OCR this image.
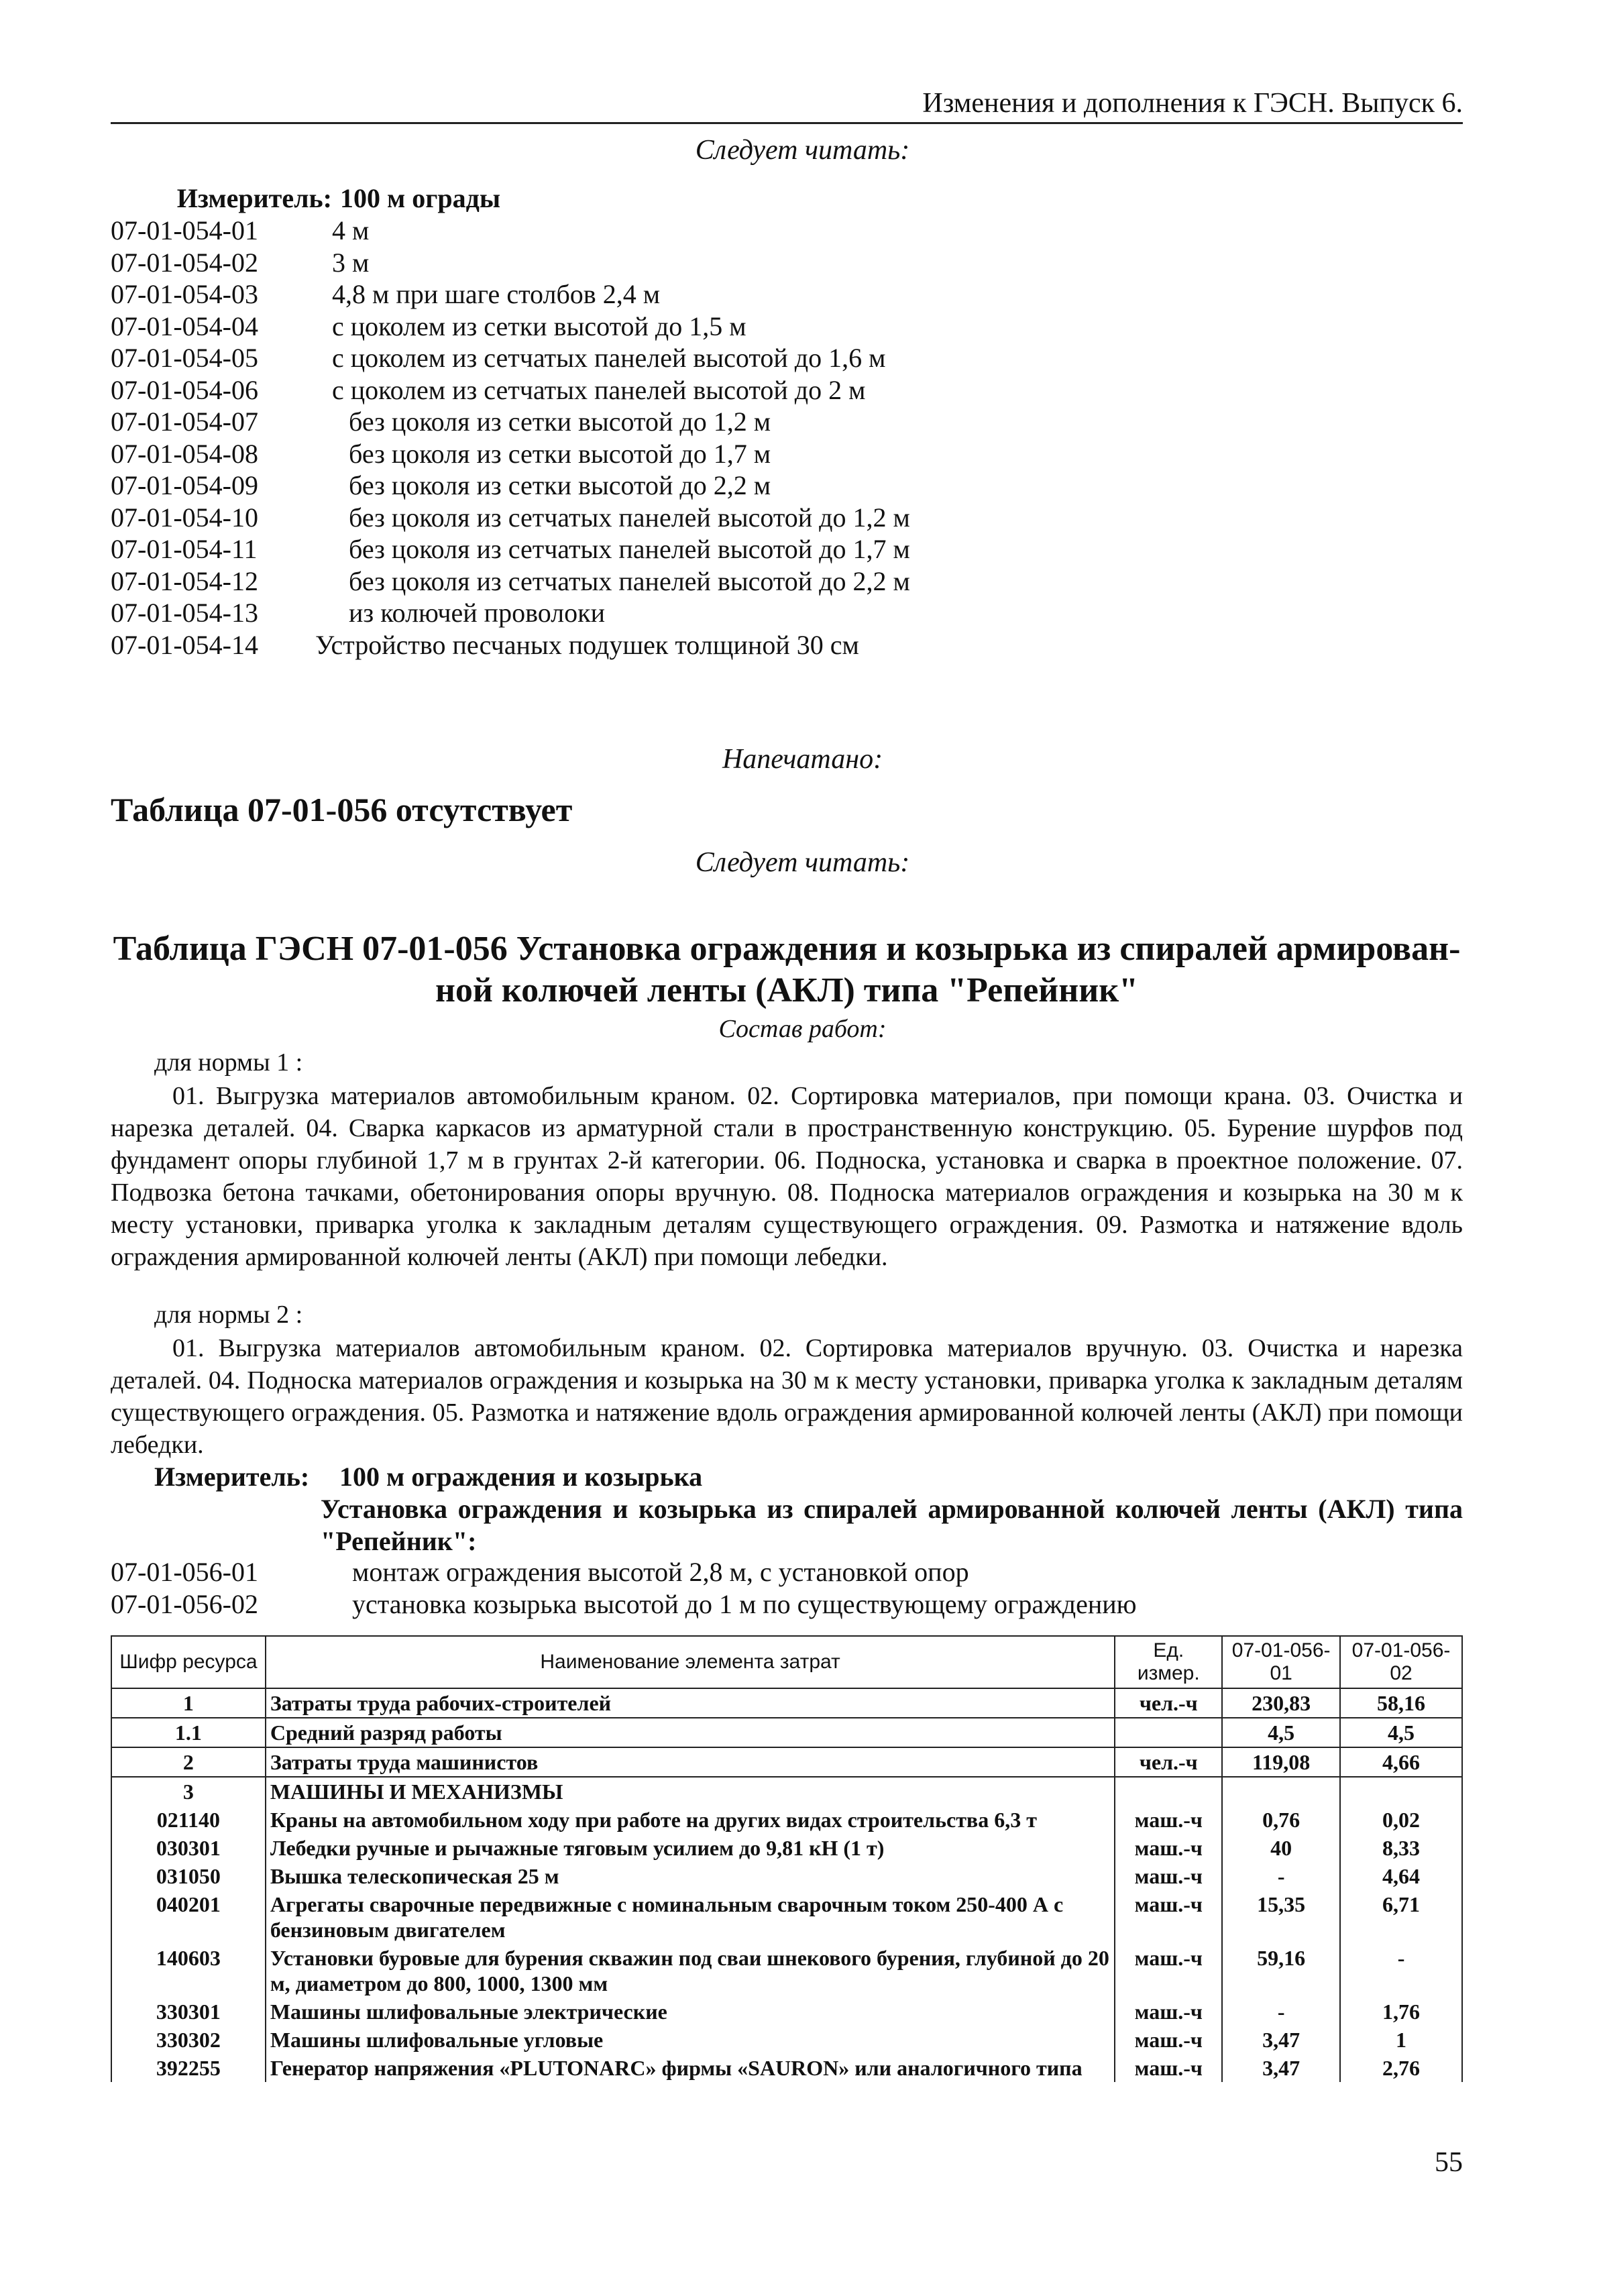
Изменения и дополнения к ГЭСН. Выпуск 6.
Следует читать:
Измеритель: 100 м ограды
07-01-054-01	4 м
07-01-054-02	3 м
07-01-054-03	4,8 м при шаге столбов 2,4 м
07-01-054-04	с цоколем из сетки высотой до 1,5 м
07-01-054-05	с цоколем из сетчатых панелей высотой до 1,6 м
07-01-054-06	с цоколем из сетчатых панелей высотой до 2 м
07-01-054-07	без цоколя из сетки высотой до 1,2 м
07-01-054-08	без цоколя из сетки высотой до 1,7 м
07-01-054-09	без цоколя из сетки высотой до 2,2 м
07-01-054-10	без цоколя из сетчатых панелей высотой до 1,2 м
07-01-054-11	без цоколя из сетчатых панелей высотой до 1,7 м
07-01-054-12	без цоколя из сетчатых панелей высотой до 2,2 м
07-01-054-13	из колючей проволоки
07-01-054-14 Устройство песчаных подушек толщиной 30 см
Напечатано:
Таблица 07-01-056 отсутствует
Следует читать:
Таблица ГЭСН 07-01-056 Установка ограждения и козырька из спиралей армирован-
ной колючей ленты (АКЛ) типа "Репейник"
Состав работ:
для нормы 1 :
01. Выгрузка материалов автомобильным краном. 02. Сортировка материалов, при помощи крана. 03. Очистка и нарезка деталей. 04. Сварка каркасов из арматурной стали в пространственную конструкцию. 05. Бурение шурфов под фундамент опоры глубиной 1,7 м в грунтах 2-й категории. 06. Подноска, установка и сварка в проектное положение. 07. Подвозка бетона тачками, обетонирования опоры вручную. 08. Подноска материалов ограждения и козырька на 30 м к месту установки, приварка уголка к закладным деталям существующего ограждения. 09. Размотка и натяжение вдоль ограждения армированной колючей ленты (АКЛ) при помощи лебедки.
для нормы 2 :
01. Выгрузка материалов автомобильным краном. 02. Сортировка материалов вручную. 03. Очистка и нарезка деталей. 04. Подноска материалов ограждения и козырька на 30 м к месту установки, приварка уголка к закладным деталям существующего ограждения. 05. Размотка и натяжение вдоль ограждения армированной колючей ленты (АКЛ) при помощи лебедки.
Измеритель: 100 м ограждения и козырька
Установка ограждения и козырька из спиралей армированной колючей ленты (АКЛ) типа "Репейник":
07-01-056-01	монтаж ограждения высотой 2,8 м, с установкой опор
07-01-056-02	установка козырька высотой до 1 м по существующему ограждению
Шифр ресурса	Наименование элемента затрат	Ед. измер.	07-01-056-01	07-01-056-02
1	Затраты труда рабочих-строителей	чел.-ч	230,83	58,16
1.1	Средний разряд работы		4,5	4,5
2	Затраты труда машинистов	чел.-ч	119,08	4,66
3	МАШИНЫ И МЕХАНИЗМЫ			
021140	Краны на автомобильном ходу при работе на других видах строительства 6,3 т	маш.-ч	0,76	0,02
030301	Лебедки ручные и рычажные тяговым усилием до 9,81 кН (1 т)	маш.-ч	40	8,33
031050	Вышка телескопическая 25 м	маш.-ч	-	4,64
040201	Агрегаты сварочные передвижные с номинальным сварочным током 250-400 А с бензиновым двигателем	маш.-ч	15,35	6,71
140603	Установки буровые для бурения скважин под сваи шнекового бурения, глубиной до 20 м, диаметром до 800, 1000, 1300 мм	маш.-ч	59,16	-
330301	Машины шлифовальные электрические	маш.-ч	-	1,76
330302	Машины шлифовальные угловые	маш.-ч	3,47	1
392255	Генератор напряжения «PLUTONARC» фирмы «SAURON» или аналогичного типа	маш.-ч	3,47	2,76
55
